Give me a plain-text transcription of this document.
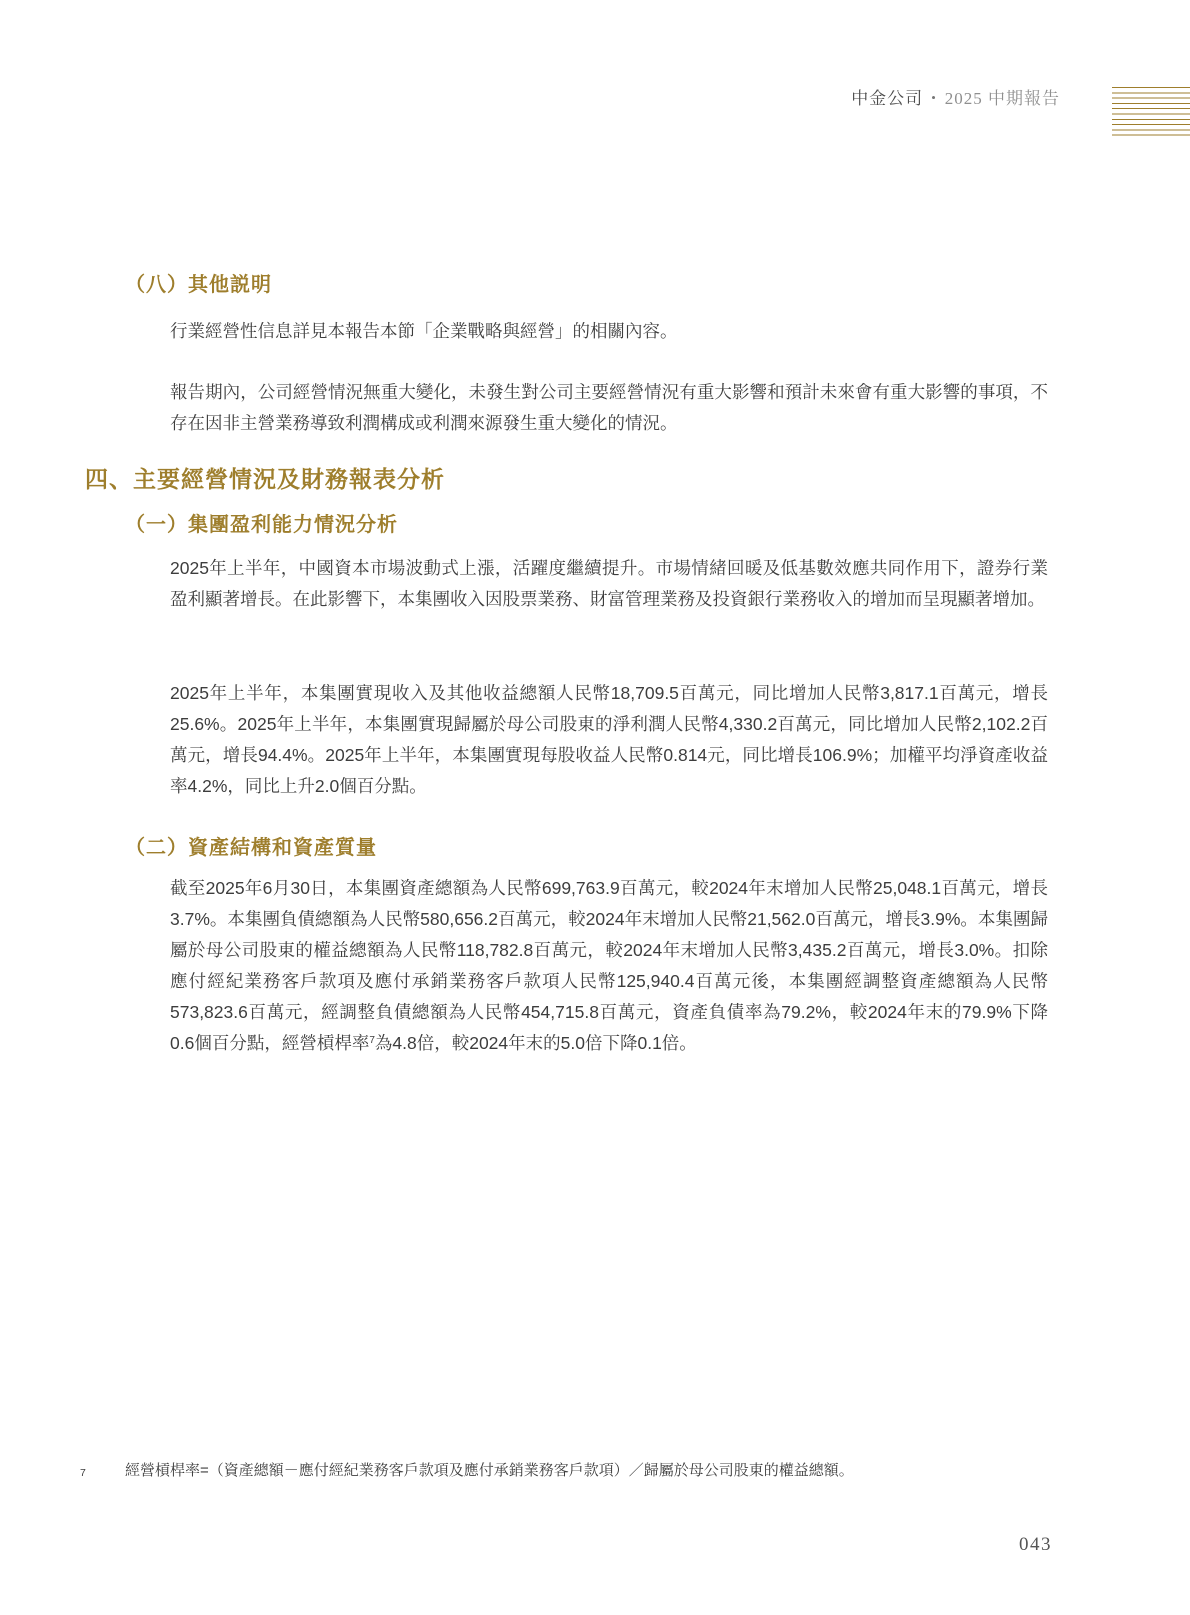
中金公司 • 2025 中期報告
（八）其他説明
行業經營性信息詳見本報告本節「企業戰略與經營」的相關內容。
報告期內，公司經營情況無重大變化，未發生對公司主要經營情況有重大影響和預計未來會有重大影響的事項，不存在因非主營業務導致利潤構成或利潤來源發生重大變化的情況。
四、主要經營情況及財務報表分析
（一）集團盈利能力情況分析
2025年上半年，中國資本市場波動式上漲，活躍度繼續提升。市場情緒回暖及低基數效應共同作用下，證券行業盈利顯著增長。在此影響下，本集團收入因股票業務、財富管理業務及投資銀行業務收入的增加而呈現顯著增加。
2025年上半年，本集團實現收入及其他收益總額人民幣18,709.5百萬元，同比增加人民幣3,817.1百萬元，增長25.6%。2025年上半年，本集團實現歸屬於母公司股東的淨利潤人民幣4,330.2百萬元，同比增加人民幣2,102.2百萬元，增長94.4%。2025年上半年，本集團實現每股收益人民幣0.814元，同比增長106.9%；加權平均淨資產收益率4.2%，同比上升2.0個百分點。
（二）資產結構和資產質量
截至2025年6月30日，本集團資產總額為人民幣699,763.9百萬元，較2024年末增加人民幣25,048.1百萬元，增長3.7%。本集團負債總額為人民幣580,656.2百萬元，較2024年末增加人民幣21,562.0百萬元，增長3.9%。本集團歸屬於母公司股東的權益總額為人民幣118,782.8百萬元，較2024年末增加人民幣3,435.2百萬元，增長3.0%。扣除應付經紀業務客戶款項及應付承銷業務客戶款項人民幣125,940.4百萬元後，本集團經調整資產總額為人民幣573,823.6百萬元，經調整負債總額為人民幣454,715.8百萬元，資產負債率為79.2%，較2024年末的79.9%下降0.6個百分點，經營槓桿率$^7$為4.8倍，較2024年末的5.0倍下降0.1倍。
7	經營槓桿率=（資產總額－應付經紀業務客戶款項及應付承銷業務客戶款項）／歸屬於母公司股東的權益總額。
043
